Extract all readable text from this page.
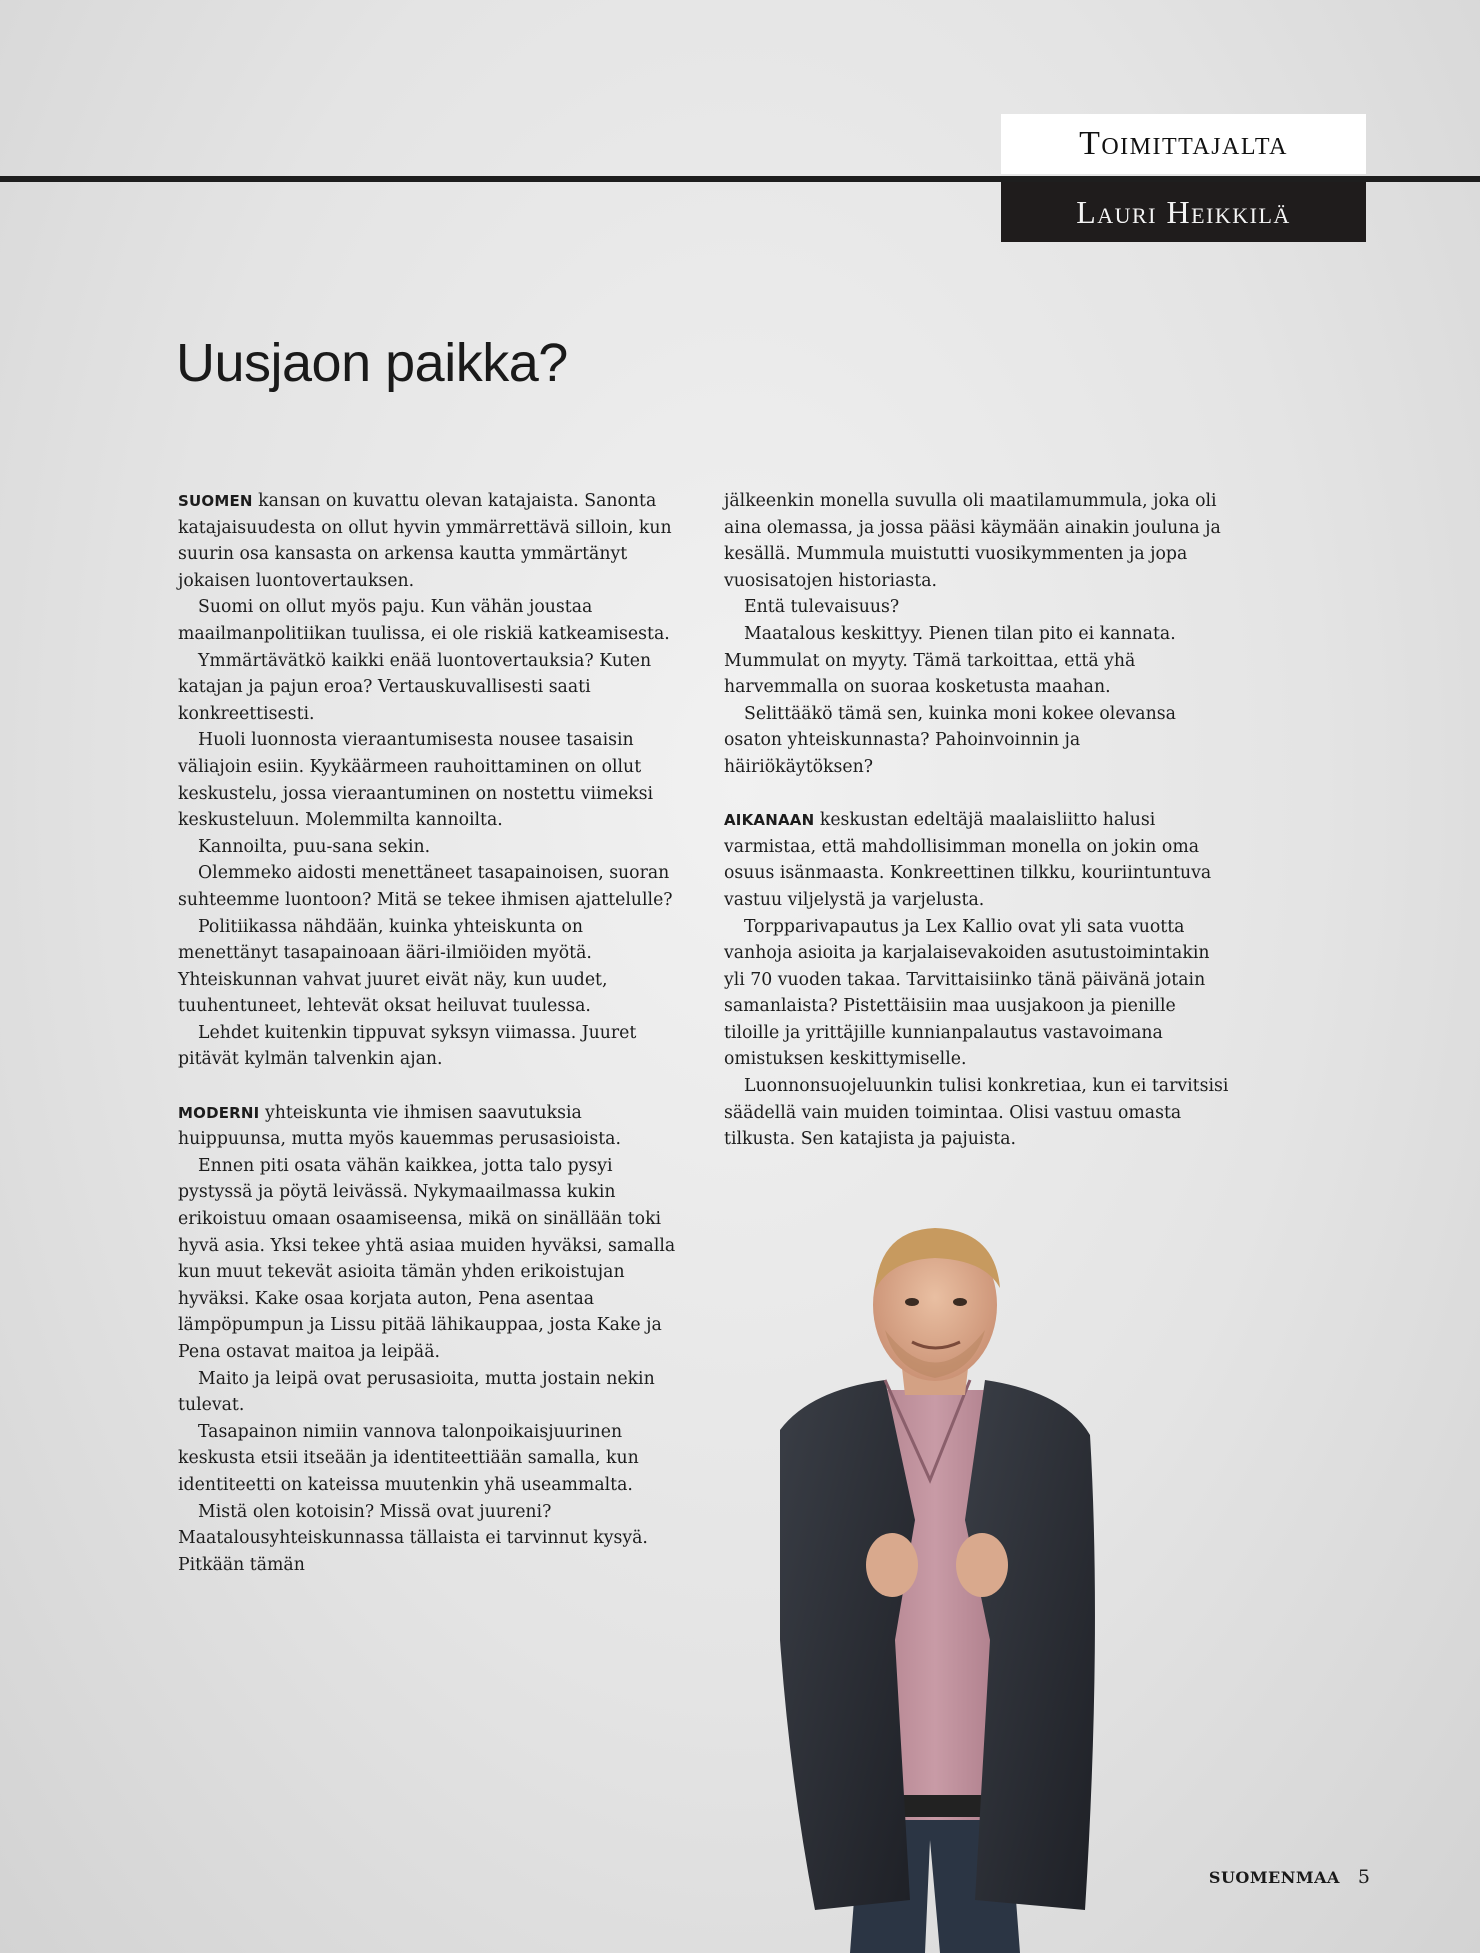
Toimittajalta
Lauri Heikkilä
Uusjaon paikka?

SUOMEN kansan on kuvattu olevan katajaista. Sanonta katajaisuudesta on ollut hyvin ymmärrettävä silloin, kun suurin osa kansasta on arkensa kautta ymmärtänyt jokaisen luontovertauksen.

Suomi on ollut myös paju. Kun vähän joustaa maailmanpolitiikan tuulissa, ei ole riskiä katkeamisesta.

Ymmärtävätkö kaikki enää luontovertauksia? Kuten katajan ja pajun eroa? Vertauskuvallisesti saati konkreettisesti.

Huoli luonnosta vieraantumisesta nousee tasaisin väliajoin esiin. Kyykäärmeen rauhoittaminen on ollut keskustelu, jossa vieraantuminen on nostettu viimeksi keskusteluun. Molemmilta kannoilta.

Kannoilta, puu-sana sekin.

Olemmeko aidosti menettäneet tasapainoisen, suoran suhteemme luontoon? Mitä se tekee ihmisen ajattelulle?

Politiikassa nähdään, kuinka yhteiskunta on menettänyt tasapainoaan ääri-ilmiöiden myötä. Yhteiskunnan vahvat juuret eivät näy, kun uudet, tuuhentuneet, lehtevät oksat heiluvat tuulessa.

Lehdet kuitenkin tippuvat syksyn viimassa. Juuret pitävät kylmän talvenkin ajan.

MODERNI yhteiskunta vie ihmisen saavutuksia huippuunsa, mutta myös kauemmas perusasioista.

Ennen piti osata vähän kaikkea, jotta talo pysyi pystyssä ja pöytä leivässä. Nykymaailmassa kukin erikoistuu omaan osaamiseensa, mikä on sinällään toki hyvä asia. Yksi tekee yhtä asiaa muiden hyväksi, samalla kun muut tekevät asioita tämän yhden erikoistujan hyväksi. Kake osaa korjata auton, Pena asentaa lämpöpumpun ja Lissu pitää lähikauppaa, josta Kake ja Pena ostavat maitoa ja leipää.

Maito ja leipä ovat perusasioita, mutta jostain nekin tulevat.

Tasapainon nimiin vannova talonpoikaisjuurinen keskusta etsii itseään ja identiteettiään samalla, kun identiteetti on kateissa muutenkin yhä useammalta.

Mistä olen kotoisin? Missä ovat juureni? Maatalousyhteiskunnassa tällaista ei tarvinnut kysyä. Pitkään tämän

jälkeenkin monella suvulla oli maatilamummula, joka oli aina olemassa, ja jossa pääsi käymään ainakin jouluna ja kesällä. Mummula muistutti vuosikymmenten ja jopa vuosisatojen historiasta.

Entä tulevaisuus?

Maatalous keskittyy. Pienen tilan pito ei kannata. Mummulat on myyty. Tämä tarkoittaa, että yhä harvemmalla on suoraa kosketusta maahan.

Selittääkö tämä sen, kuinka moni kokee olevansa osaton yhteiskunnasta? Pahoinvoinnin ja häiriökäytöksen?

AIKANAAN keskustan edeltäjä maalaisliitto halusi varmistaa, että mahdollisimman monella on jokin oma osuus isänmaasta. Konkreettinen tilkku, kouriintuntuva vastuu viljelystä ja varjelusta.

Torpparivapautus ja Lex Kallio ovat yli sata vuotta vanhoja asioita ja karjalaisevakoiden asutustoimintakin yli 70 vuoden takaa. Tarvittaisiinko tänä päivänä jotain samanlaista? Pistettäisiin maa uusjakoon ja pienille tiloille ja yrittäjille kunnianpalautus vastavoimana omistuksen keskittymiselle.

Luonnonsuojeluunkin tulisi konkretiaa, kun ei tarvitsisi säädellä vain muiden toimintaa. Olisi vastuu omasta tilkusta. Sen katajista ja pajuista.

SUOMENMAA 5
